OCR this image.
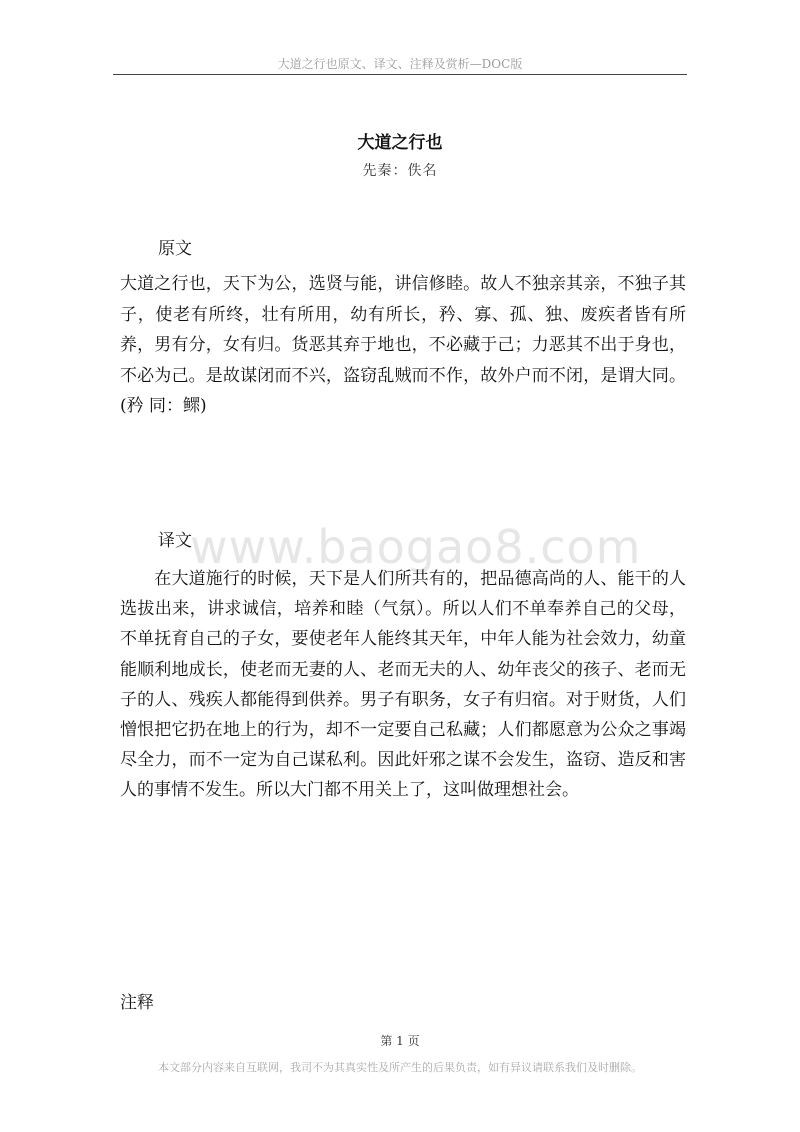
www.baogao8.com
大道之行也原文、译文、注释及赏析—DOC版
大道之行也
先秦：佚名
原文
大道之行也，天下为公，选贤与能，讲信修睦。故人不独亲其亲，不独子其子，使老有所终，壮有所用，幼有所长，矜、寡、孤、独、废疾者皆有所养，男有分，女有归。货恶其弃于地也，不必藏于己；力恶其不出于身也，不必为己。是故谋闭而不兴，盗窃乱贼而不作，故外户而不闭，是谓大同。(矜 同：鳏)
译文
　　在大道施行的时候，天下是人们所共有的，把品德高尚的人、能干的人选拔出来，讲求诚信，培养和睦（气氛）。所以人们不单奉养自己的父母，不单抚育自己的子女，要使老年人能终其天年，中年人能为社会效力，幼童能顺利地成长，使老而无妻的人、老而无夫的人、幼年丧父的孩子、老而无子的人、残疾人都能得到供养。男子有职务，女子有归宿。对于财货，人们憎恨把它扔在地上的行为，却不一定要自己私藏；人们都愿意为公众之事竭尽全力，而不一定为自己谋私利。因此奸邪之谋不会发生，盗窃、造反和害人的事情不发生。所以大门都不用关上了，这叫做理想社会。
注释
第 1 页
本文部分内容来自互联网，我司不为其真实性及所产生的后果负责，如有异议请联系我们及时删除。
